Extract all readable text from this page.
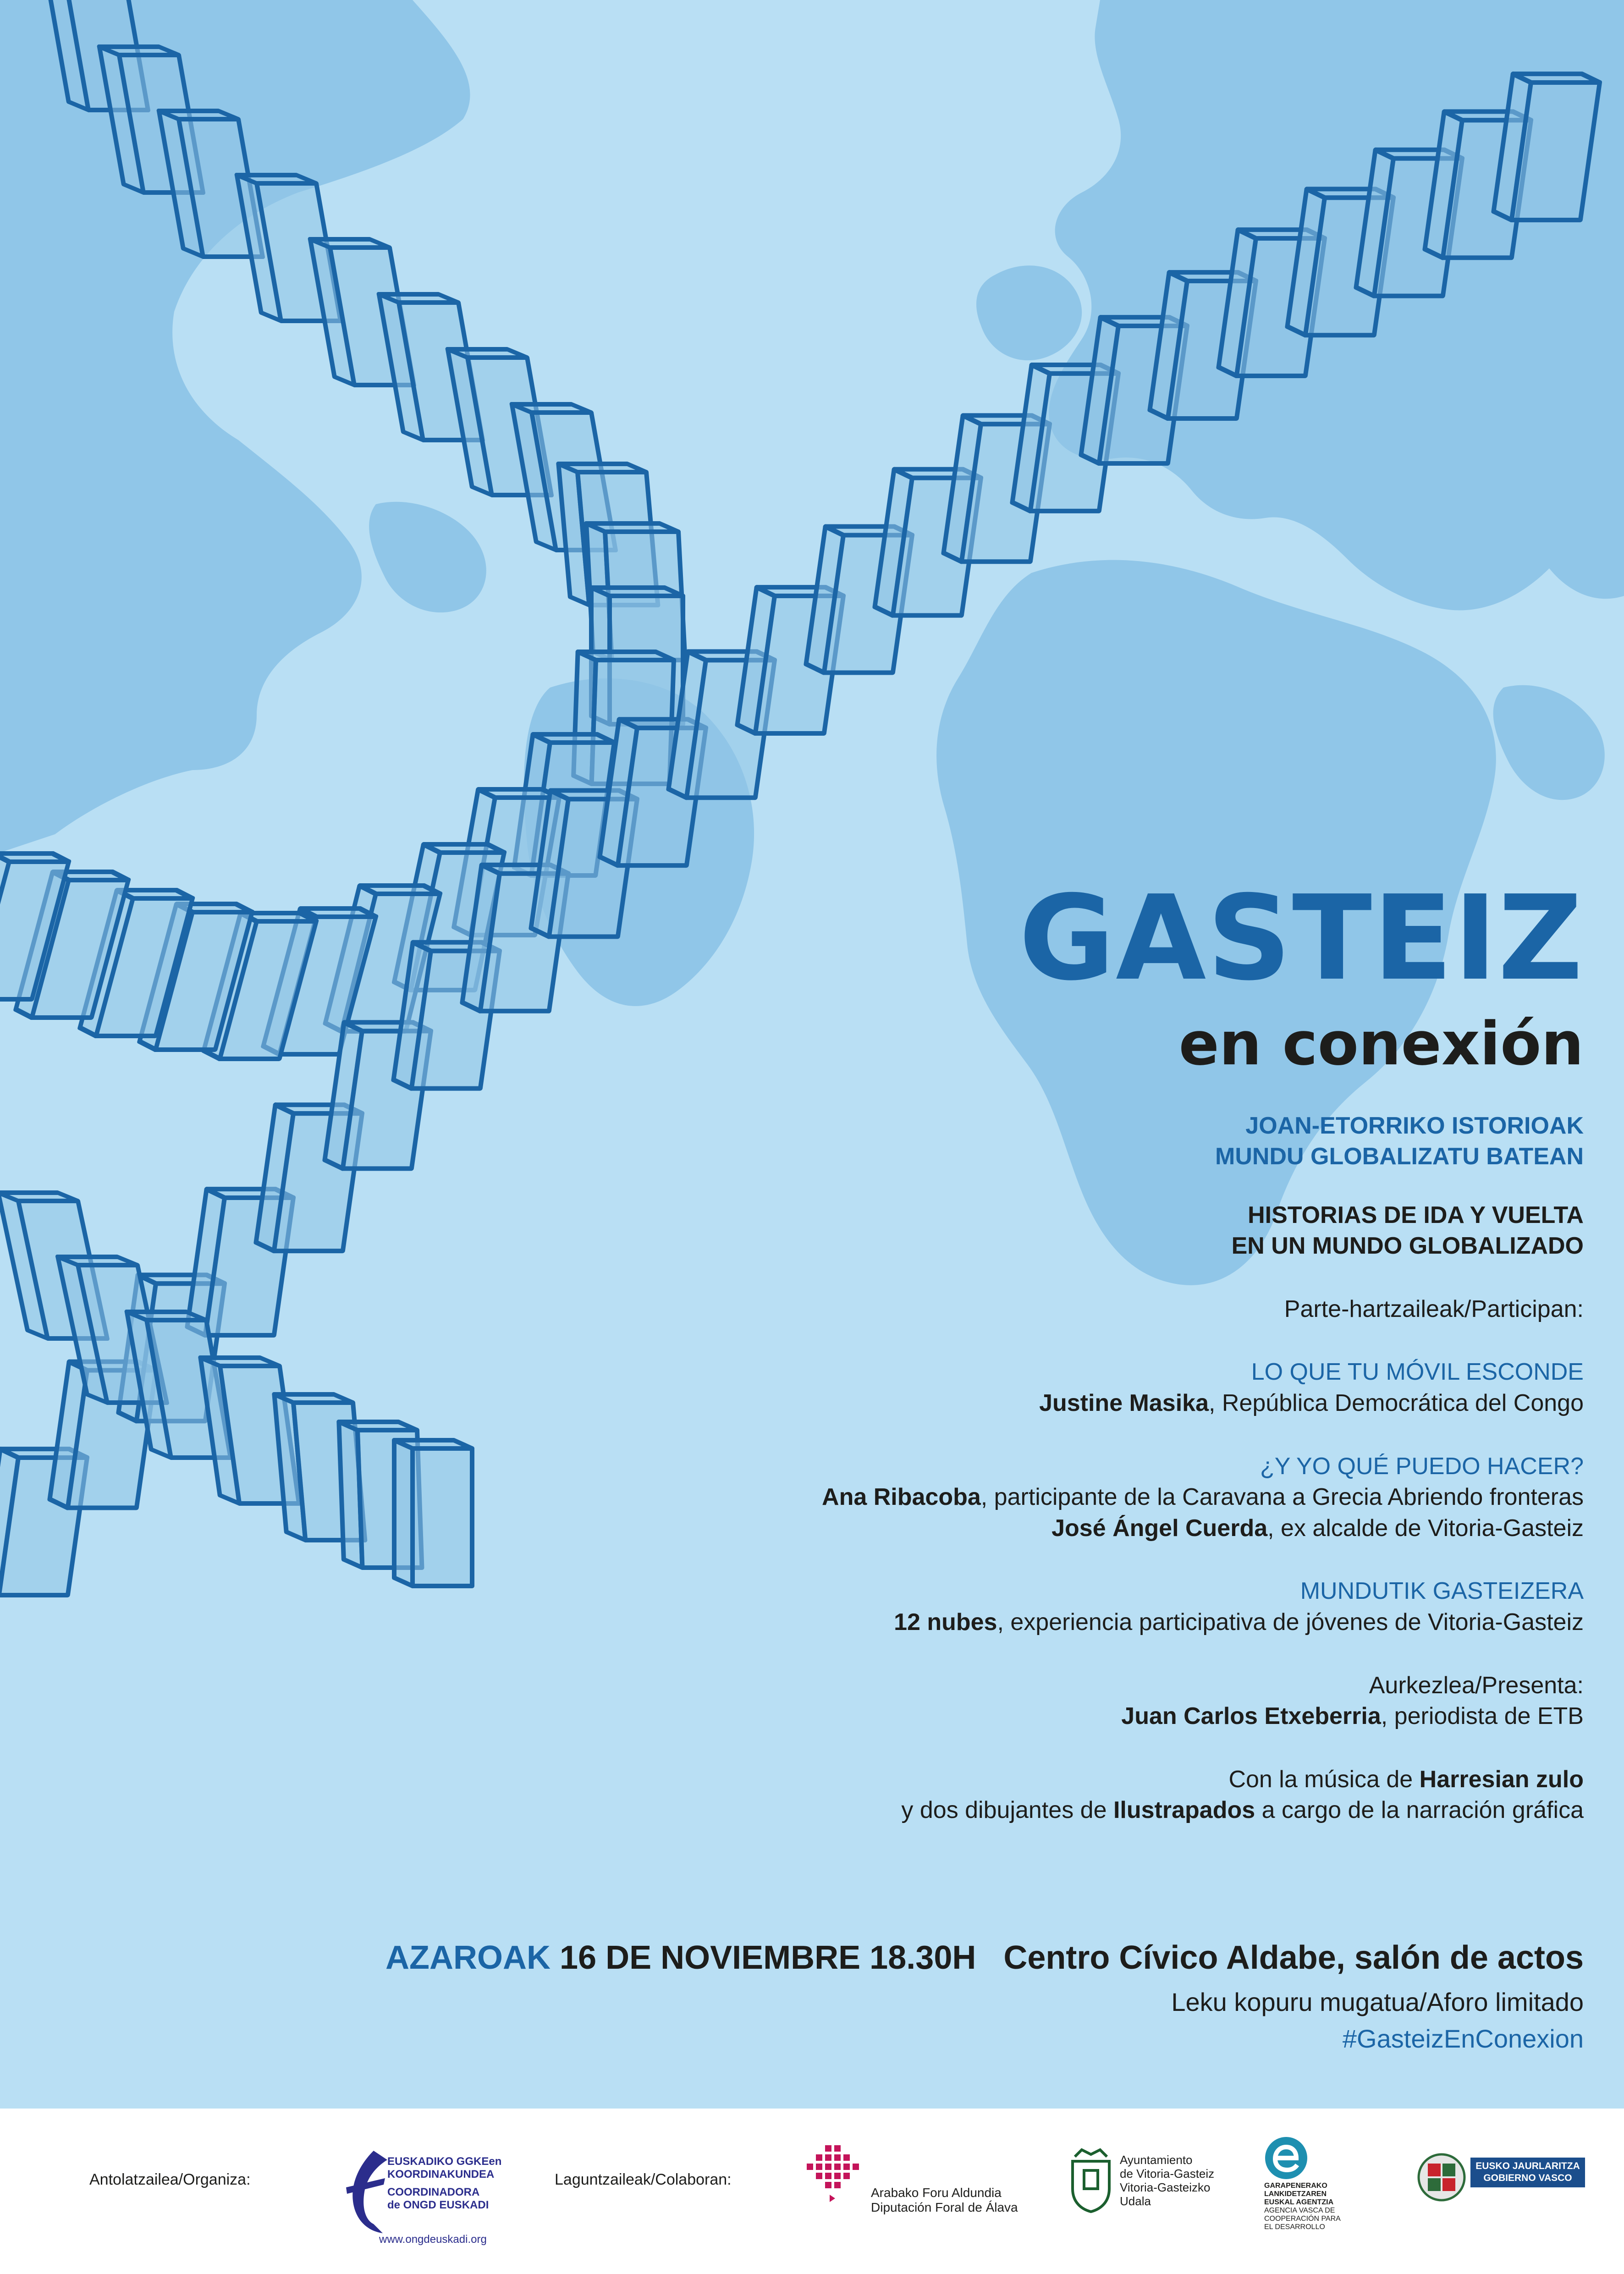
GASTEIZ
en conexión
JOAN-ETORRIKO ISTORIOAK
MUNDU GLOBALIZATU BATEAN
HISTORIAS DE IDA Y VUELTA
EN UN MUNDO GLOBALIZADO
Parte-hartzaileak/Participan:
LO QUE TU MÓVIL ESCONDE
Justine Masika, República Democrática del Congo
¿Y YO QUÉ PUEDO HACER?
Ana Ribacoba, participante de la Caravana a Grecia Abriendo fronteras
José Ángel Cuerda, ex alcalde de Vitoria-Gasteiz
MUNDUTIK GASTEIZERA
12 nubes, experiencia participativa de jóvenes de Vitoria-Gasteiz
Aurkezlea/Presenta:
Juan Carlos Etxeberria, periodista de ETB
Con la música de Harresian zulo
y dos dibujantes de Ilustrapados a cargo de la narración gráfica
AZAROAK 16 DE NOVIEMBRE 18.30H Centro Cívico Aldabe, salón de actos
Leku kopuru mugatua/Aforo limitado
#GasteizEnConexion
Antolatzailea/Organiza:
EUSKADIKO GGKEen
KOORDINAKUNDEA
COORDINADORA
de ONGD EUSKADI
www.ongdeuskadi.org
Laguntzaileak/Colaboran:
Arabako Foru Aldundia
Diputación Foral de Álava
Ayuntamiento
de Vitoria-Gasteiz
Vitoria-Gasteizko
Udala
GARAPENERAKO
LANKIDETZAREN
EUSKAL AGENTZIA
AGENCIA VASCA DE
COOPERACIÓN PARA
EL DESARROLLO
EUSKO JAURLARITZA
GOBIERNO VASCO
